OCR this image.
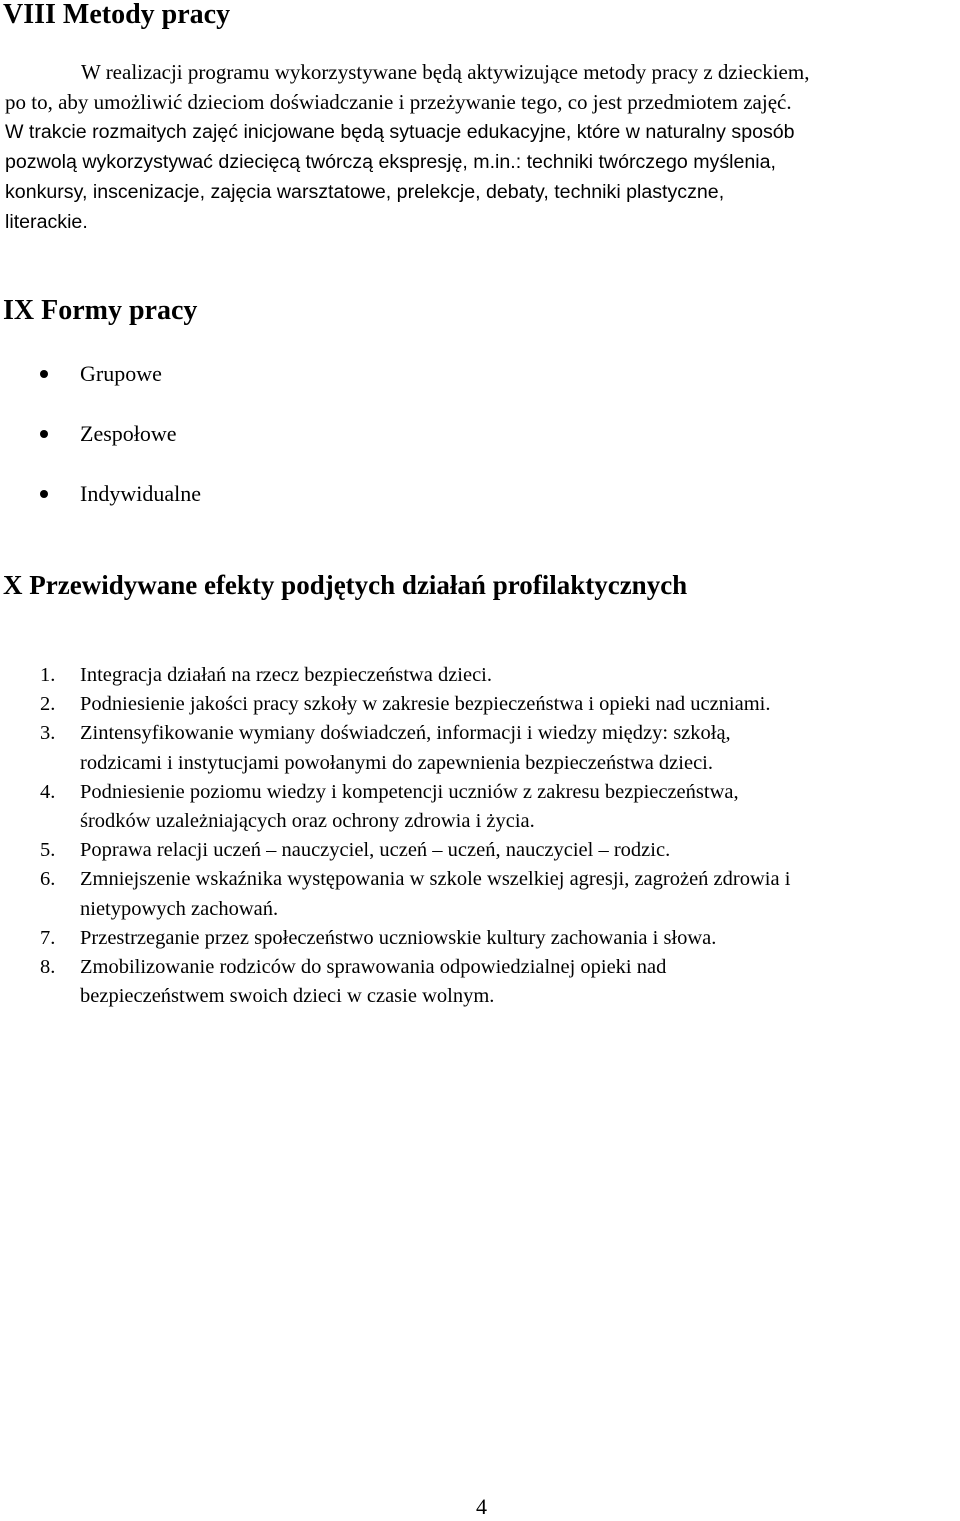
VIII Metody pracy
W realizacji programu wykorzystywane będą aktywizujące metody pracy z dzieckiem,
po to, aby umożliwić dzieciom doświadczanie i przeżywanie tego, co jest przedmiotem zajęć.
W trakcie rozmaitych zajęć inicjowane będą sytuacje edukacyjne, które w naturalny sposób
pozwolą wykorzystywać dziecięcą twórczą ekspresję, m.in.: techniki twórczego myślenia,
konkursy, inscenizacje, zajęcia warsztatowe, prelekcje, debaty, techniki plastyczne,
literackie.
IX Formy pracy
Grupowe
Zespołowe
Indywidualne
X Przewidywane efekty podjętych działań profilaktycznych
1. Integracja działań na rzecz bezpieczeństwa dzieci.
2. Podniesienie jakości pracy szkoły w zakresie bezpieczeństwa i opieki nad uczniami.
3. Zintensyfikowanie wymiany doświadczeń, informacji i wiedzy między: szkołą,
rodzicami i instytucjami powołanymi do zapewnienia bezpieczeństwa dzieci.
4. Podniesienie poziomu wiedzy i kompetencji uczniów z zakresu bezpieczeństwa,
środków uzależniających oraz ochrony zdrowia i życia.
5. Poprawa relacji uczeń – nauczyciel, uczeń – uczeń, nauczyciel – rodzic.
6. Zmniejszenie wskaźnika występowania w szkole wszelkiej agresji, zagrożeń zdrowia i
nietypowych zachowań.
7. Przestrzeganie przez społeczeństwo uczniowskie kultury zachowania i słowa.
8. Zmobilizowanie rodziców do sprawowania odpowiedzialnej opieki nad
bezpieczeństwem swoich dzieci w czasie wolnym.
4
